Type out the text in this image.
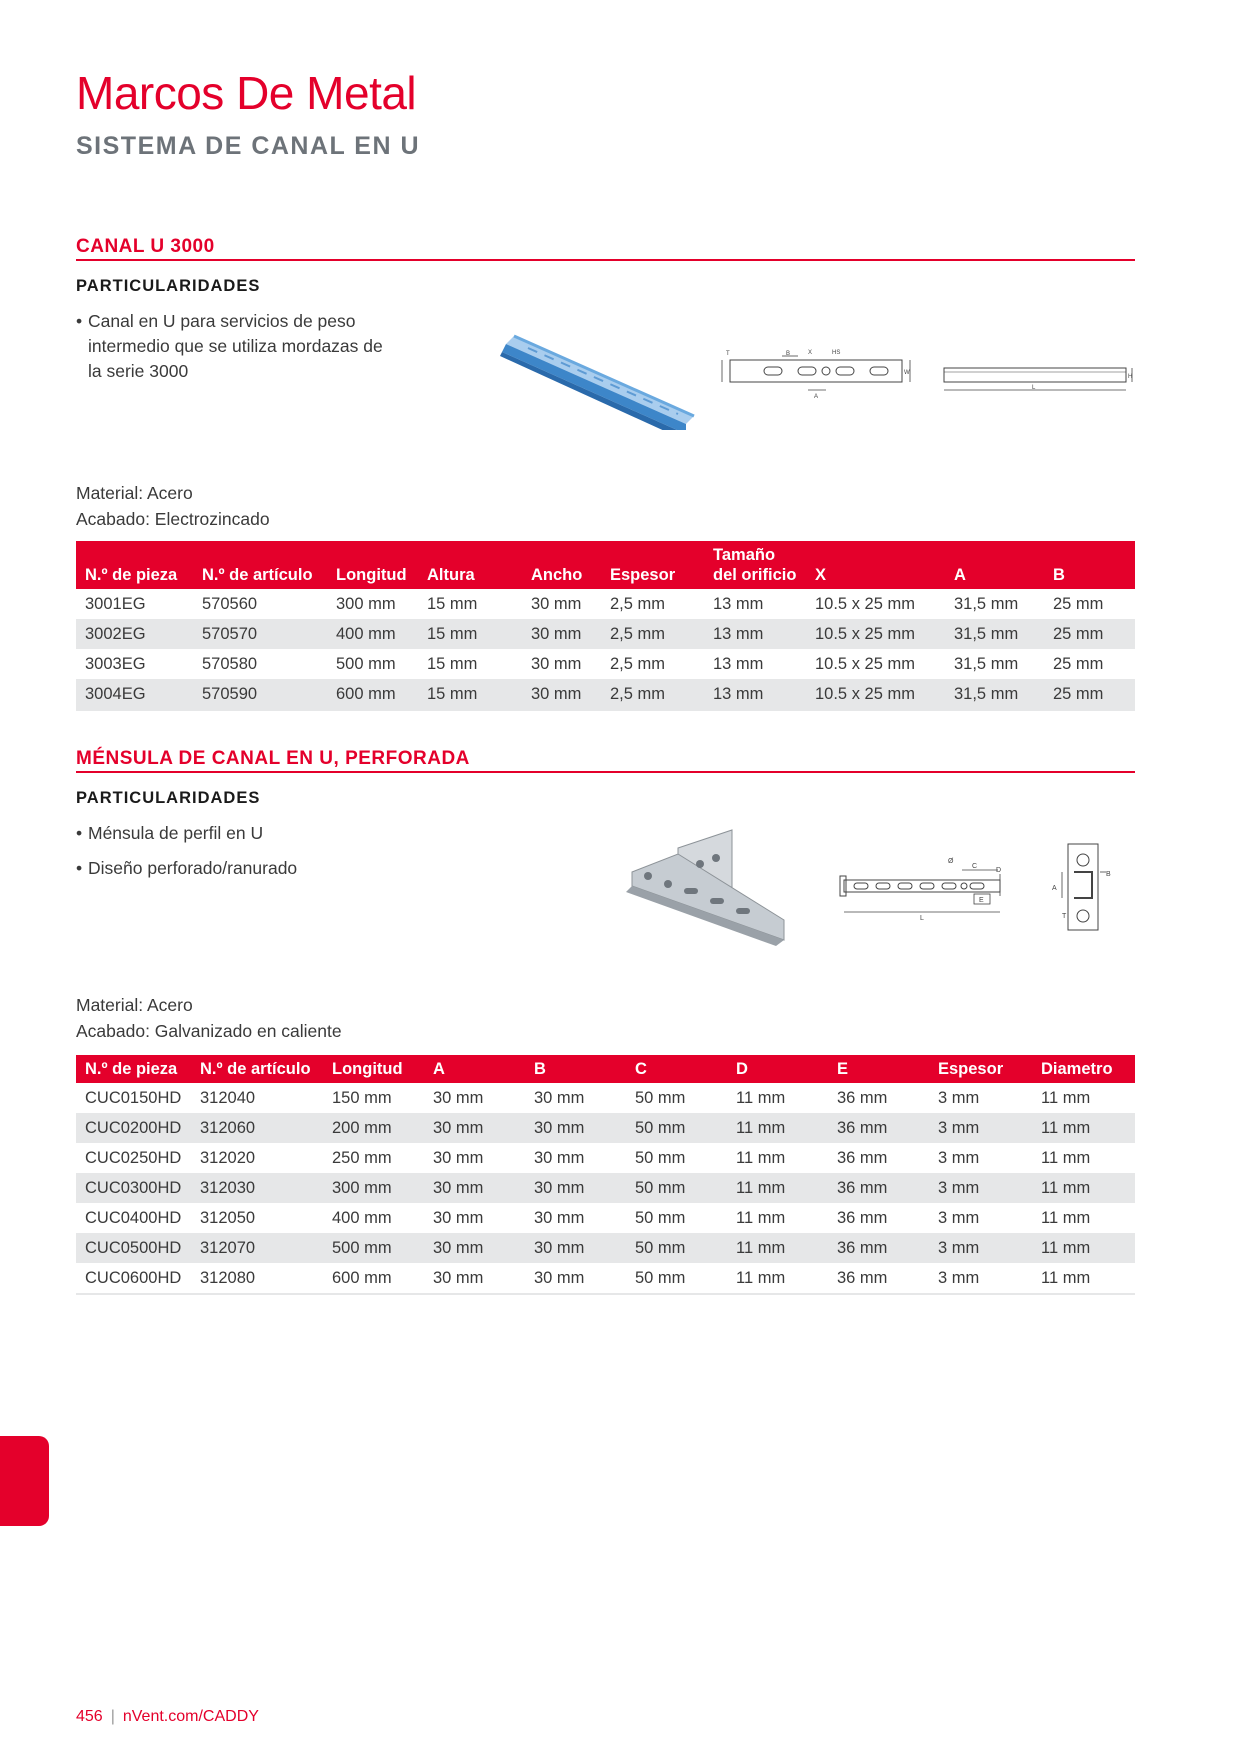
Marcos De Metal
SISTEMA DE CANAL EN U
CANAL U 3000
PARTICULARIDADES
• Canal en U para servicios de peso intermedio que se utiliza mordazas de la serie 3000
T	B	X	HS
W
A
L
H
Material: Acero
Acabado: Electrozincado
N.º de pieza	N.º de artículo	Longitud	Altura	Ancho	Espesor	Tamaño del orificio	X	A	B
3001EG	570560	300 mm	15 mm	30 mm	2,5 mm	13 mm	10.5 x 25 mm	31,5 mm	25 mm
3002EG	570570	400 mm	15 mm	30 mm	2,5 mm	13 mm	10.5 x 25 mm	31,5 mm	25 mm
3003EG	570580	500 mm	15 mm	30 mm	2,5 mm	13 mm	10.5 x 25 mm	31,5 mm	25 mm
3004EG	570590	600 mm	15 mm	30 mm	2,5 mm	13 mm	10.5 x 25 mm	31,5 mm	25 mm
MÉNSULA DE CANAL EN U, PERFORADA
PARTICULARIDADES
• Ménsula de perfil en U
• Diseño perforado/ranurado	Ø
C
D
E
L
A
B
T
Material: Acero
Acabado: Galvanizado en caliente
N.º de pieza	N.º de artículo	Longitud	A	B	C	D	E	Espesor	Diametro
CUC0150HD	312040	150 mm	30 mm	30 mm	50 mm	11 mm	36 mm	3 mm	11 mm
CUC0200HD	312060	200 mm	30 mm	30 mm	50 mm	11 mm	36 mm	3 mm	11 mm
CUC0250HD	312020	250 mm	30 mm	30 mm	50 mm	11 mm	36 mm	3 mm	11 mm
CUC0300HD	312030	300 mm	30 mm	30 mm	50 mm	11 mm	36 mm	3 mm	11 mm
CUC0400HD	312050	400 mm	30 mm	30 mm	50 mm	11 mm	36 mm	3 mm	11 mm
CUC0500HD	312070	500 mm	30 mm	30 mm	50 mm	11 mm	36 mm	3 mm	11 mm
CUC0600HD	312080	600 mm	30 mm	30 mm	50 mm	11 mm	36 mm	3 mm	11 mm
456 | nVent.com/CADDY
